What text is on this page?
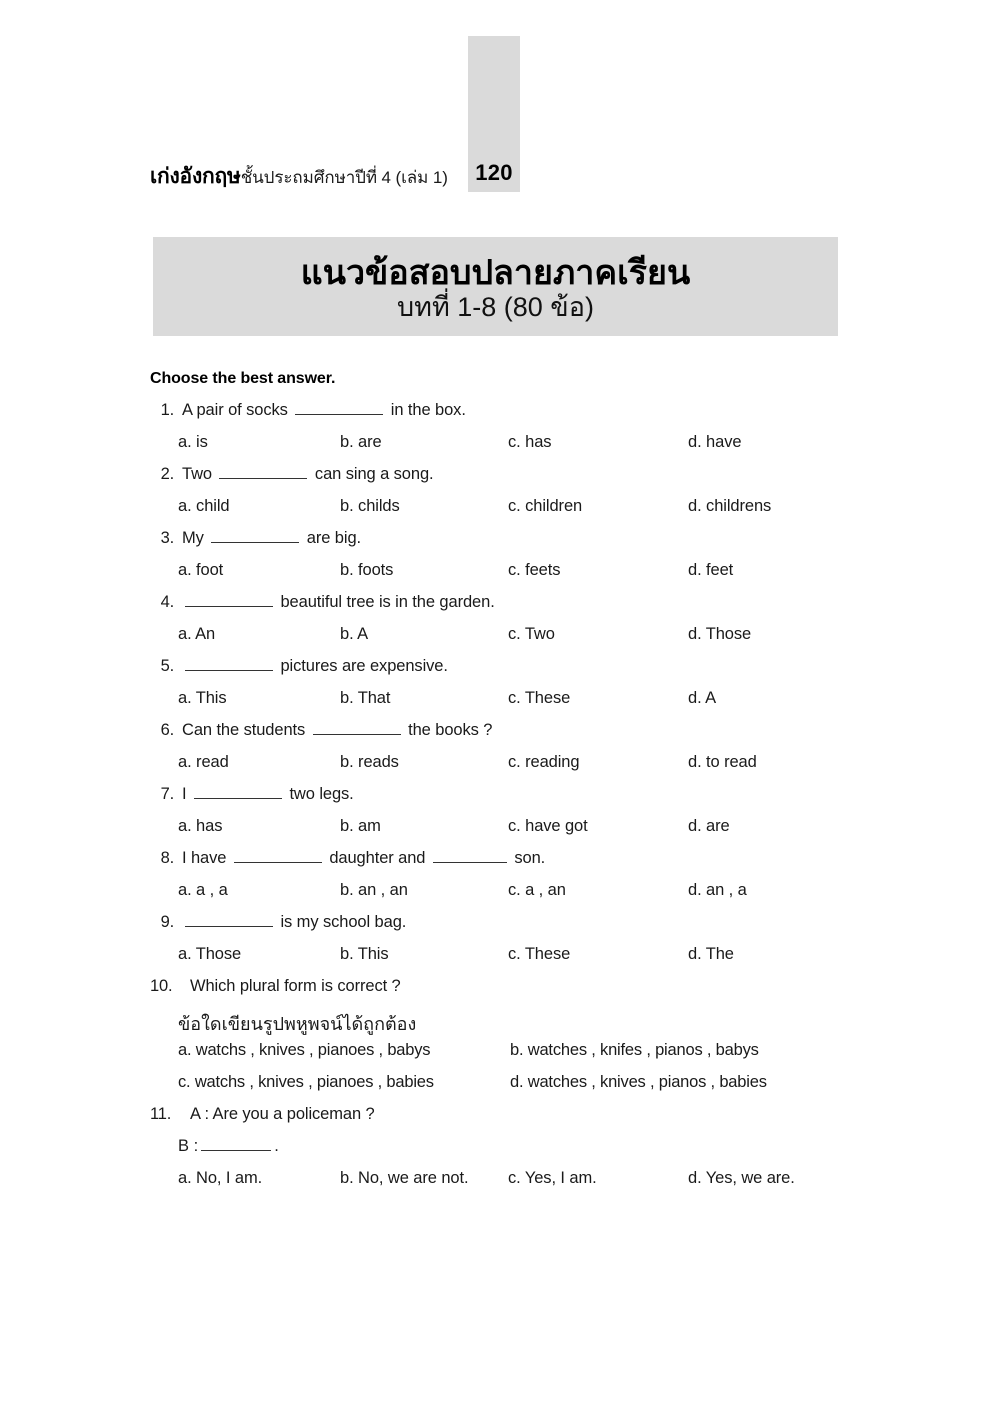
120
เก่งอังกฤษ ชั้นประถมศึกษาปีที่ 4 (เล่ม 1)
แนวข้อสอบปลายภาคเรียน
บทที่ 1-8 (80 ข้อ)
Choose the best answer.
1. A pair of socks	in the box.
a. is	b. are	c. has	d. have
2. Two	can sing a song.
a. child	b. childs	c. children	d. childrens
3. My	are big.
a. foot	b. foots	c. feets	d. feet
4.	beautiful tree is in the garden.
a. An	b. A	c. Two	d. Those
5.	pictures are expensive.
a. This	b. That	c. These	d. A
6. Can the students	the books ?
a. read	b. reads	c. reading	d. to read
7. I	two legs.
a. has	b. am	c. have got	d. are
8. I have	daughter and	son.
a. a , a	b. an , an	c. a , an	d. an , a
9.	is my school bag.
a. Those	b. This	c. These	d. The
10.	Which plural form is correct ?
ข้อใดเขียนรูปพหูพจน์ได้ถูกต้อง
a. watchs , knives , pianoes , babys	b. watches , knifes , pianos , babys
c. watchs , knives , pianoes , babies	d. watches , knives , pianos , babies
11.	A : Are you a policeman ?
B :	.
a. No, I am.	b. No, we are not.	c. Yes, I am.	d. Yes, we are.
